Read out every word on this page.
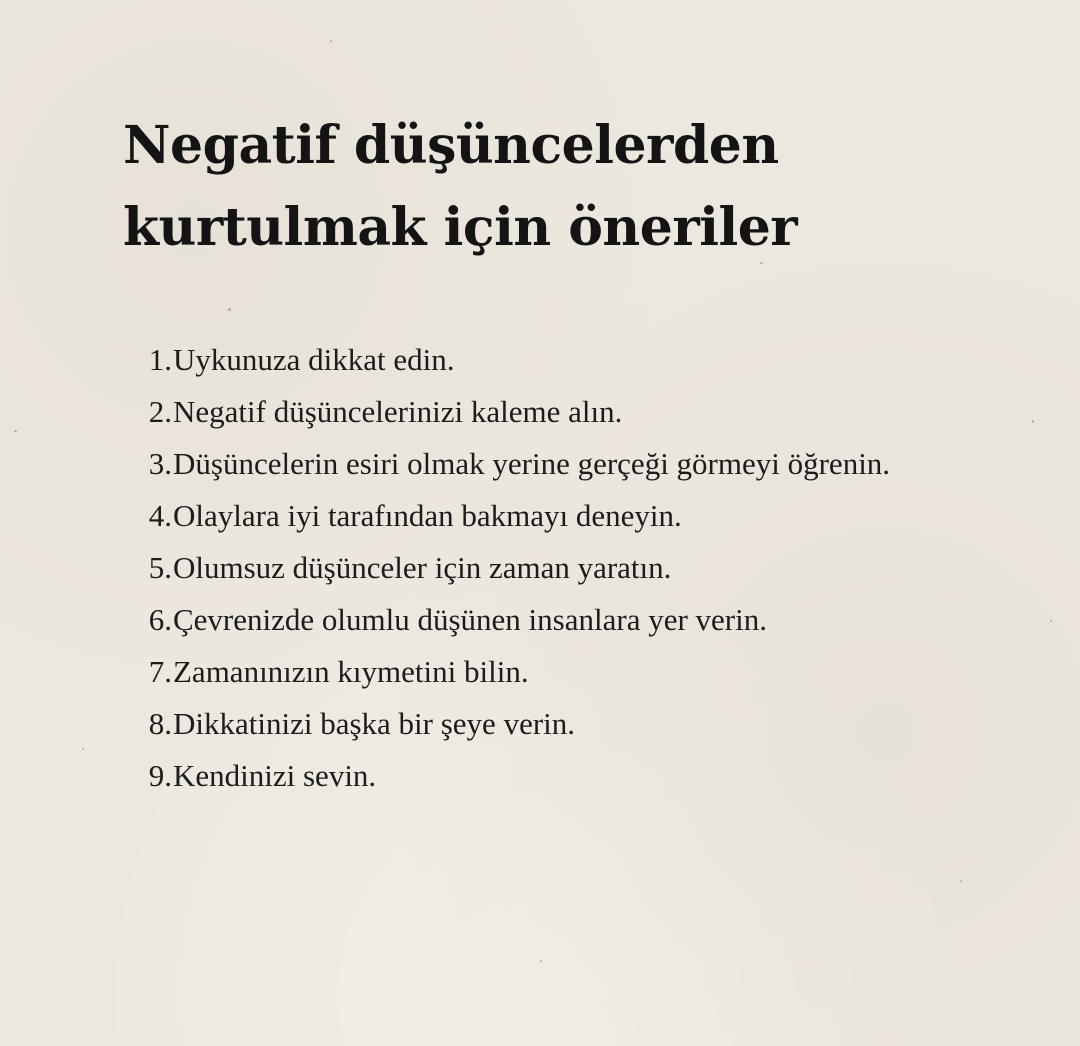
Negatif düşüncelerden
kurtulmak için öneriler
1. Uykunuza dikkat edin.
2. Negatif düşüncelerinizi kaleme alın.
3. Düşüncelerin esiri olmak yerine gerçeği görmeyi öğrenin.
4. Olaylara iyi tarafından bakmayı deneyin.
5. Olumsuz düşünceler için zaman yaratın.
6. Çevrenizde olumlu düşünen insanlara yer verin.
7. Zamanınızın kıymetini bilin.
8. Dikkatinizi başka bir şeye verin.
9. Kendinizi sevin.
